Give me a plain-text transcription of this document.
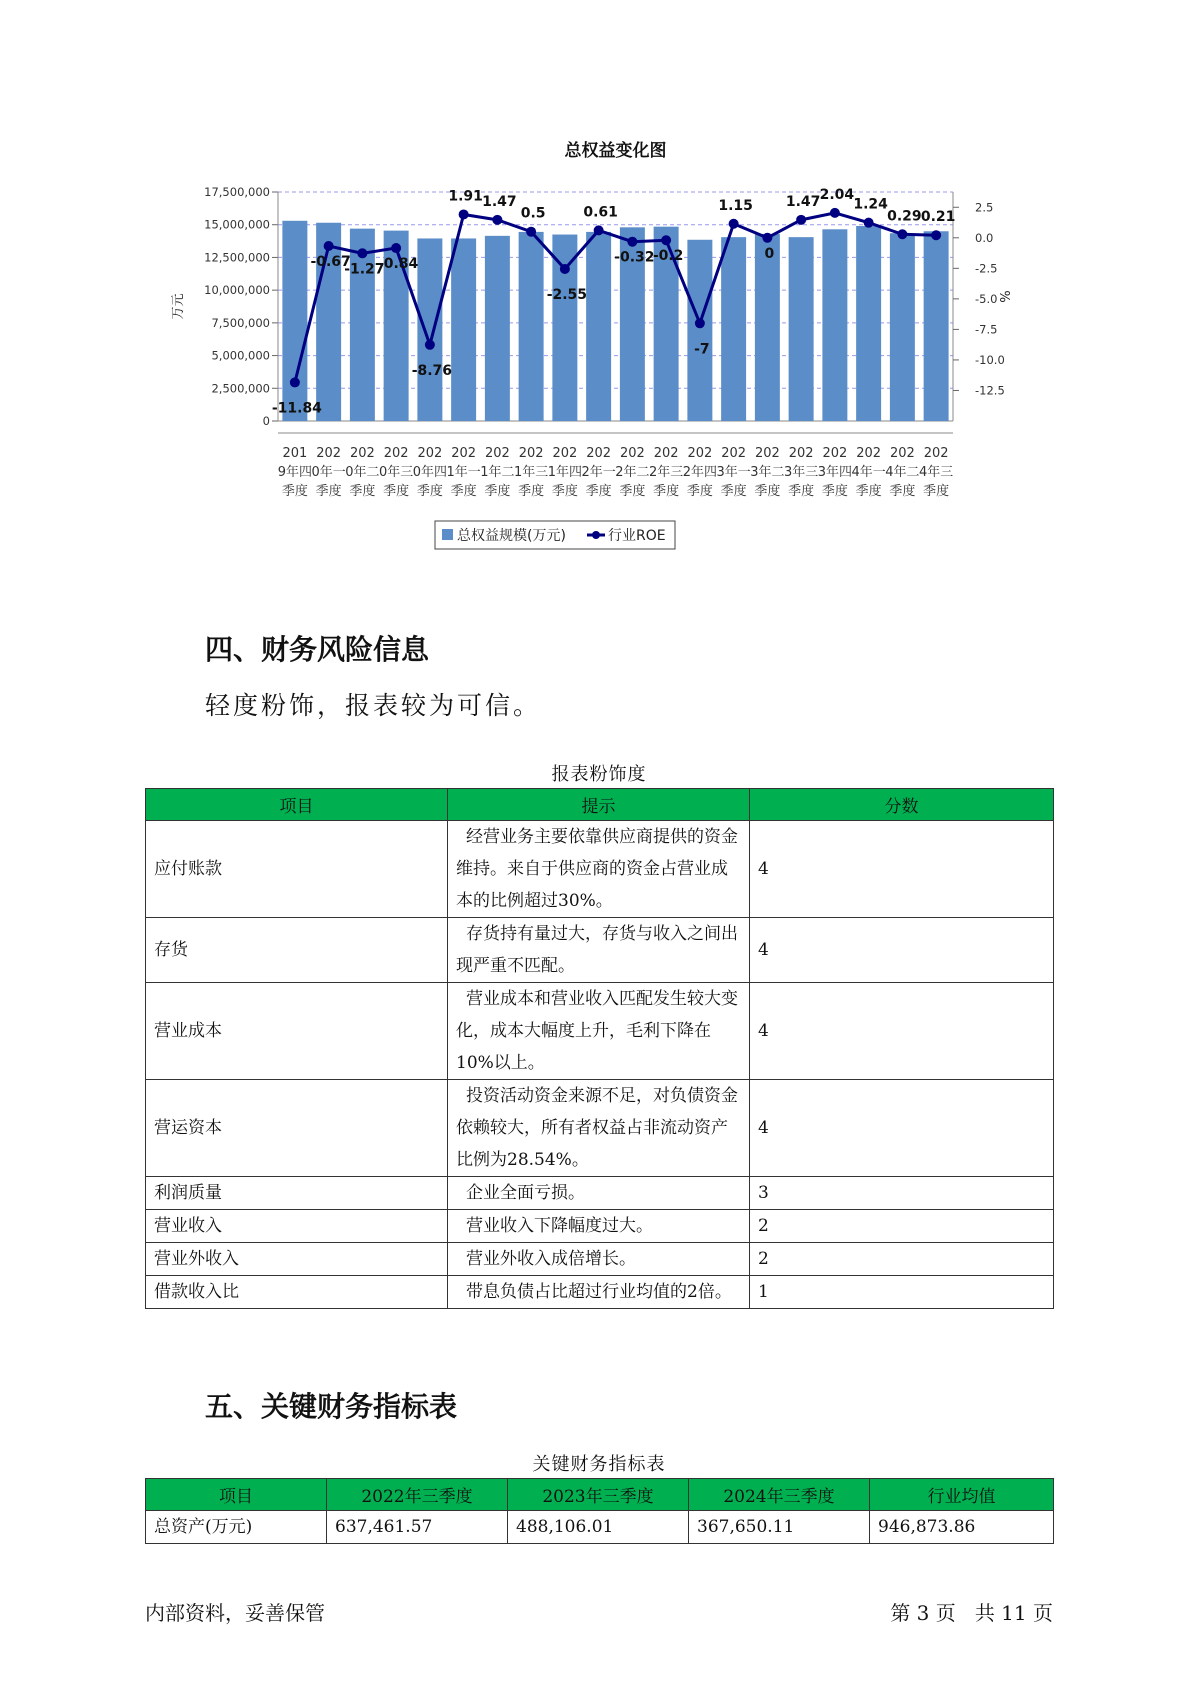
总权益变化图
0
2,500,000
5,000,000
7,500,000
10,000,000
12,500,000
15,000,000
17,500,000
2.5
0.0
-2.5
-5.0
-7.5
-10.0
-12.5
万元	%
201 9年四季度
202 0年一季度
202 0年二季度
202 0年三季度
202 0年四季度
202 1年一季度
202 1年二季度
202 1年三季度
202 1年四季度
202 2年一季度
202 2年二季度
202 2年三季度
202 2年四季度
202 3年一季度
202 3年二季度
202 3年三季度
202 3年四季度
202 4年一季度
202 4年二季度
202 4年三季度
-11.84
-0.67
-1.27
-0.84
-8.76
1.91 1.47
0.5
-2.55
0.61
-0.32
-0.2
-7
1.15
0
1.47 2.04
1.24
0.29 0.21
总权益规模(万元)	行业ROE
四、财务风险信息

轻度粉饰，报表较为可信。

报表粉饰度
项目	提示	分数
应付账款	经营业务主要依靠供应商提供的资金维持。来自于供应商的资金占营业成本的比例超过30%。	4
存货	存货持有量过大，存货与收入之间出现严重不匹配。	4
营业成本	营业成本和营业收入匹配发生较大变化，成本大幅度上升，毛利下降在10%以上。	4
营运资本	投资活动资金来源不足，对负债资金依赖较大，所有者权益占非流动资产比例为28.54%。	4
利润质量	企业全面亏损。	3
营业收入	营业收入下降幅度过大。	2
营业外收入	营业外收入成倍增长。	2
借款收入比	带息负债占比超过行业均值的2倍。	1
五、关键财务指标表
关键财务指标表
项目	2022年三季度	2023年三季度	2024年三季度	行业均值
总资产(万元)	637,461.57	488,106.01	367,650.11	946,873.86
内部资料，妥善保管	第 3 页   共 11 页
